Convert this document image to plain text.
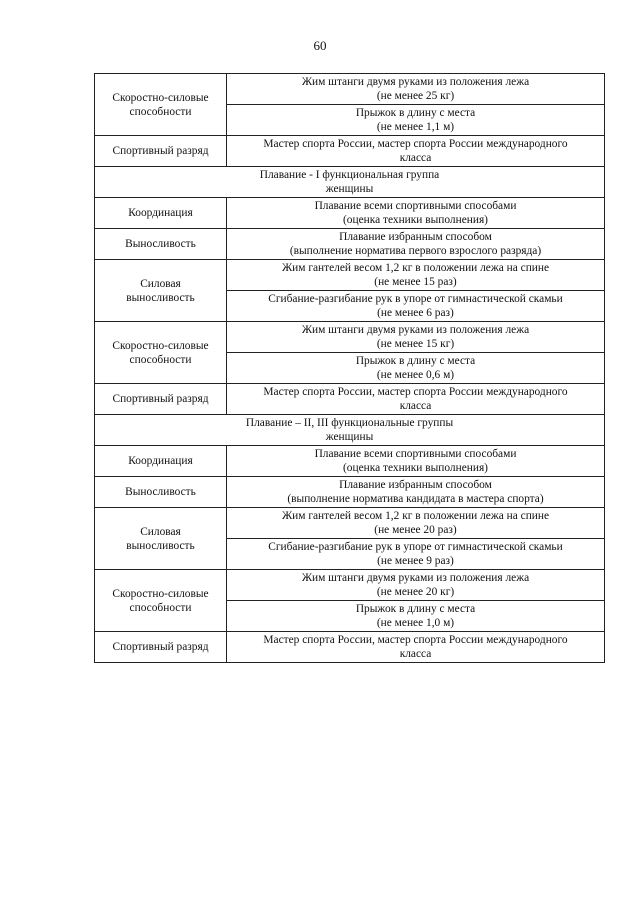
60
Скоростно-силовые
способности	Жим штанги двумя руками из положения лежа
(не менее 25 кг)

	Прыжок в длину с места
(не менее 1,1 м)

Спортивный разряд	Мастер спорта России, мастер спорта России международного
класса

Плавание - I функциональная группа
женщины	

Координация	Плавание всеми спортивными способами
(оценка техники выполнения)

Выносливость	Плавание избранным способом
(выполнение норматива первого взрослого разряда)

Силовая
выносливость	Жим гантелей весом 1,2 кг в положении лежа на спине
(не менее 15 раз)

	Сгибание-разгибание рук в упоре от гимнастической скамьи
(не менее 6 раз)

Скоростно-силовые
способности	Жим штанги двумя руками из положения лежа
(не менее 15 кг)

	Прыжок в длину с места
(не менее 0,6 м)

Спортивный разряд	Мастер спорта России, мастер спорта России международного
класса

Плавание – II, III функциональные группы
женщины	

Координация	Плавание всеми спортивными способами
(оценка техники выполнения)

Выносливость	Плавание избранным способом
(выполнение норматива кандидата в мастера спорта)

Силовая
выносливость	Жим гантелей весом 1,2 кг в положении лежа на спине
(не менее 20 раз)

	Сгибание-разгибание рук в упоре от гимнастической скамьи
(не менее 9 раз)

Скоростно-силовые
способности	Жим штанги двумя руками из положения лежа
(не менее 20 кг)

	Прыжок в длину с места
(не менее 1,0 м)

Спортивный разряд	Мастер спорта России, мастер спорта России международного
класса
